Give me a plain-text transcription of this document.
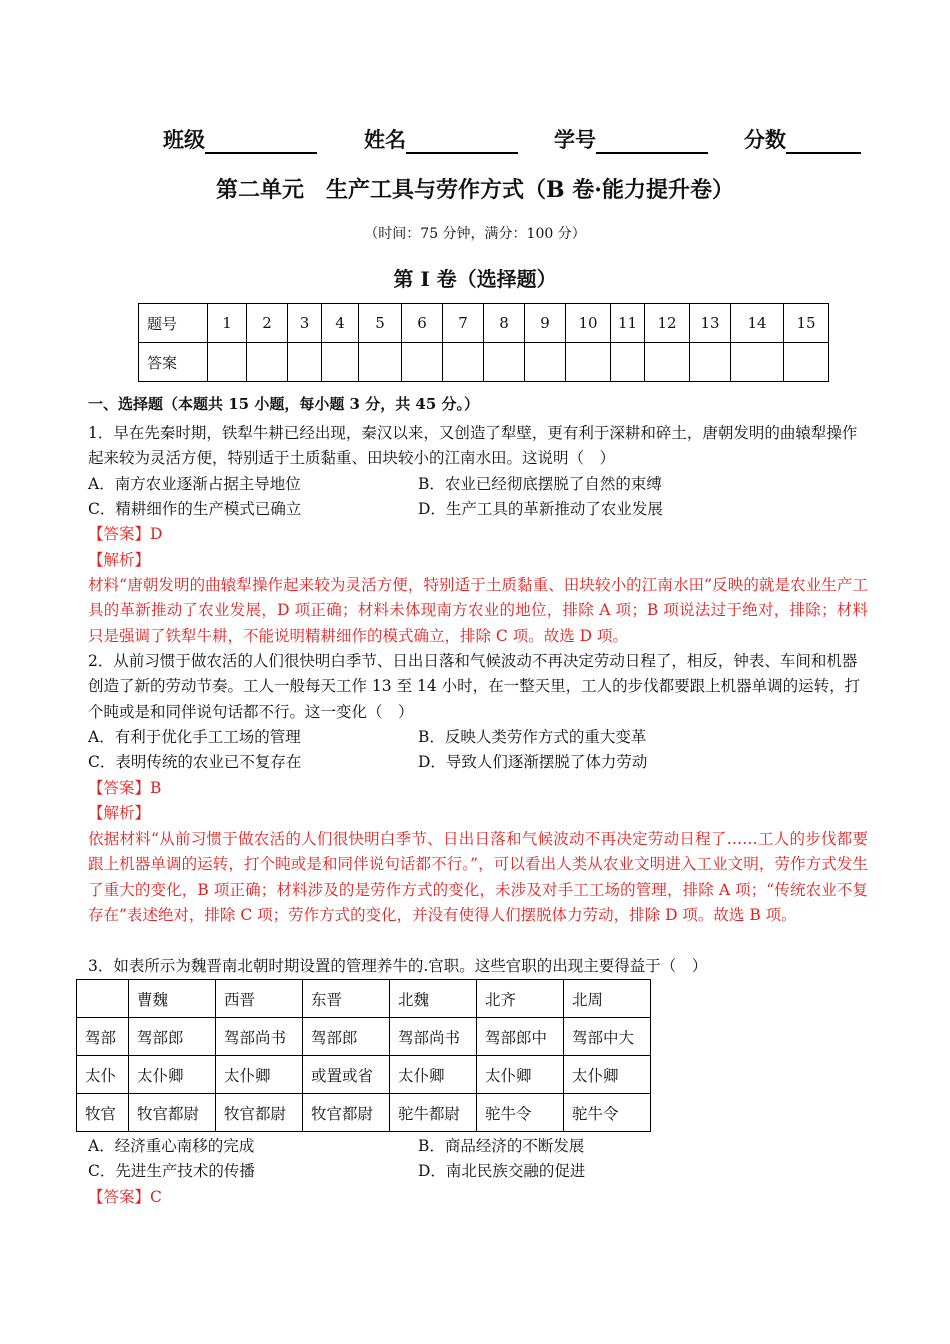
班级	姓名	学号	分数
第二单元　生产工具与劳作方式（B 卷·能力提升卷）
（时间：75 分钟，满分：100 分）
第 I 卷（选择题）
题号	1	2	3	4	5	6	7	8	9	10	11	12	13	14	15
答案															
一、选择题（本题共 15 小题，每小题 3 分，共 45 分。）
1．早在先秦时期，铁犁牛耕已经出现，秦汉以来，又创造了犁壁，更有利于深耕和碎土，唐朝发明的曲辕犁操作起来较为灵活方便，特别适于土质黏重、田块较小的江南水田。这说明（　）
A．南方农业逐渐占据主导地位	B．农业已经彻底摆脱了自然的束缚
C．精耕细作的生产模式已确立	D．生产工具的革新推动了农业发展
【答案】D
【解析】
材料“唐朝发明的曲辕犁操作起来较为灵活方便，特别适于土质黏重、田块较小的江南水田”反映的就是农业生产工具的革新推动了农业发展，D 项正确；材料未体现南方农业的地位，排除 A 项；B 项说法过于绝对，排除；材料只是强调了铁犁牛耕，不能说明精耕细作的模式确立，排除 C 项。故选 D 项。
2．从前习惯于做农活的人们很快明白季节、日出日落和气候波动不再决定劳动日程了，相反，钟表、车间和机器创造了新的劳动节奏。工人一般每天工作 13 至 14 小时，在一整天里，工人的步伐都要跟上机器单调的运转，打个盹或是和同伴说句话都不行。这一变化（　）
A．有利于优化手工工场的管理	B．反映人类劳作方式的重大变革
C．表明传统的农业已不复存在	D．导致人们逐渐摆脱了体力劳动
【答案】B
【解析】
依据材料“从前习惯于做农活的人们很快明白季节、日出日落和气候波动不再决定劳动日程了……工人的步伐都要跟上机器单调的运转，打个盹或是和同伴说句话都不行。”，可以看出人类从农业文明进入工业文明，劳作方式发生了重大的变化，B 项正确；材料涉及的是劳作方式的变化，未涉及对手工工场的管理，排除 A 项；“传统农业不复存在”表述绝对，排除 C 项；劳作方式的变化，并没有使得人们摆脱体力劳动，排除 D 项。故选 B 项。
3．如表所示为魏晋南北朝时期设置的管理养牛的.官职。这些官职的出现主要得益于（　）
	曹魏	西晋	东晋	北魏	北齐	北周
驾部	驾部郎	驾部尚书	驾部郎	驾部尚书	驾部郎中	驾部中大
太仆	太仆卿	太仆卿	或置或省	太仆卿	太仆卿	太仆卿
牧官	牧官都尉	牧官都尉	牧官都尉	驼牛都尉	驼牛令	驼牛令
A．经济重心南移的完成	B．商品经济的不断发展
C．先进生产技术的传播	D．南北民族交融的促进
【答案】C
